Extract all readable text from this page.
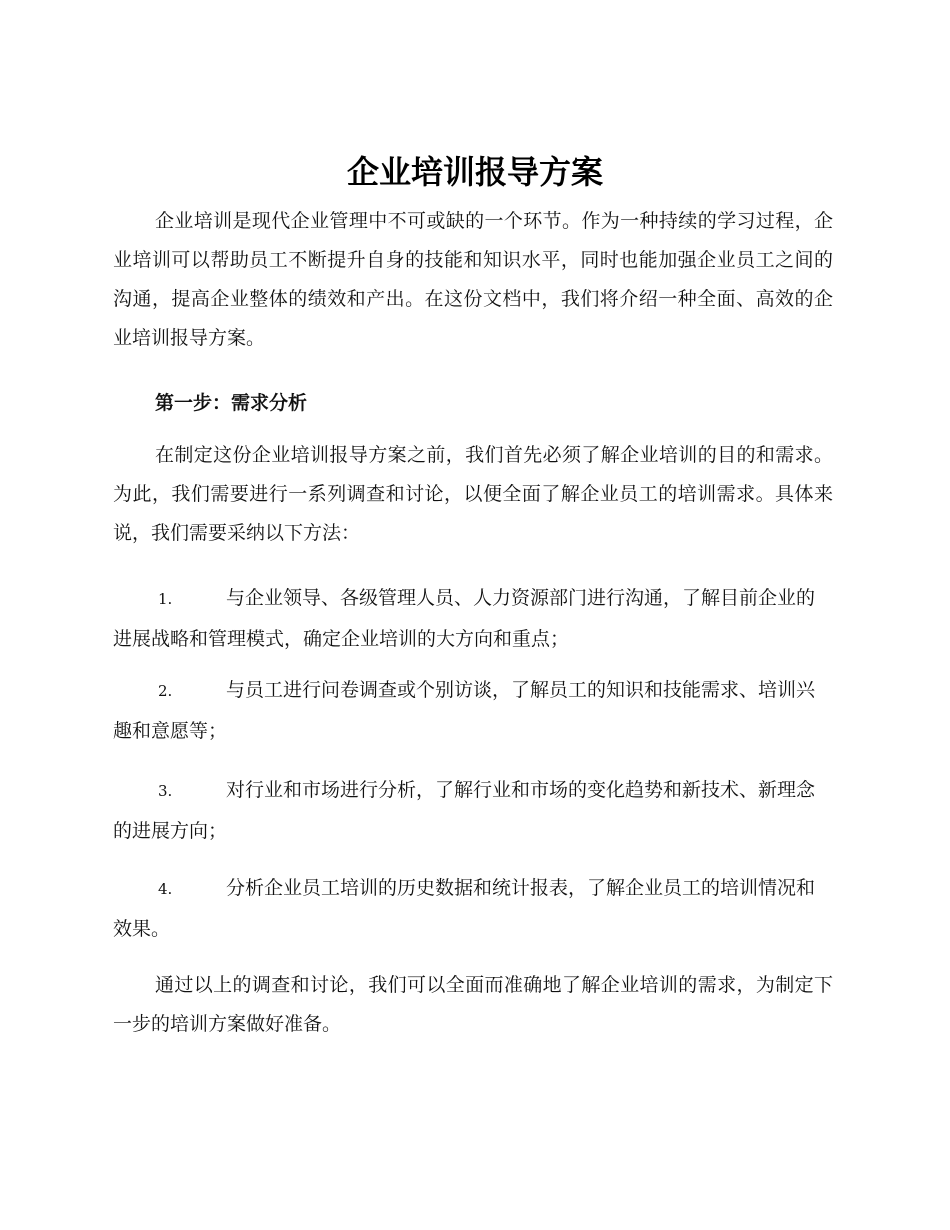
企业培训报导方案

企业培训是现代企业管理中不可或缺的一个环节。作为一种持续的学习过程，企业培训可以帮助员工不断提升自身的技能和知识水平，同时也能加强企业员工之间的沟通，提高企业整体的绩效和产出。在这份文档中，我们将介绍一种全面、高效的企业培训报导方案。

第一步：需求分析

在制定这份企业培训报导方案之前，我们首先必须了解企业培训的目的和需求。为此，我们需要进行一系列调查和讨论，以便全面了解企业员工的培训需求。具体来说，我们需要采纳以下方法：

1.	与企业领导、各级管理人员、人力资源部门进行沟通，了解目前企业的进展战略和管理模式，确定企业培训的大方向和重点；

2.	与员工进行问卷调查或个别访谈，了解员工的知识和技能需求、培训兴趣和意愿等；

3.	对行业和市场进行分析，了解行业和市场的变化趋势和新技术、新理念的进展方向；

4.	分析企业员工培训的历史数据和统计报表，了解企业员工的培训情况和效果。

通过以上的调查和讨论，我们可以全面而准确地了解企业培训的需求，为制定下一步的培训方案做好准备。
